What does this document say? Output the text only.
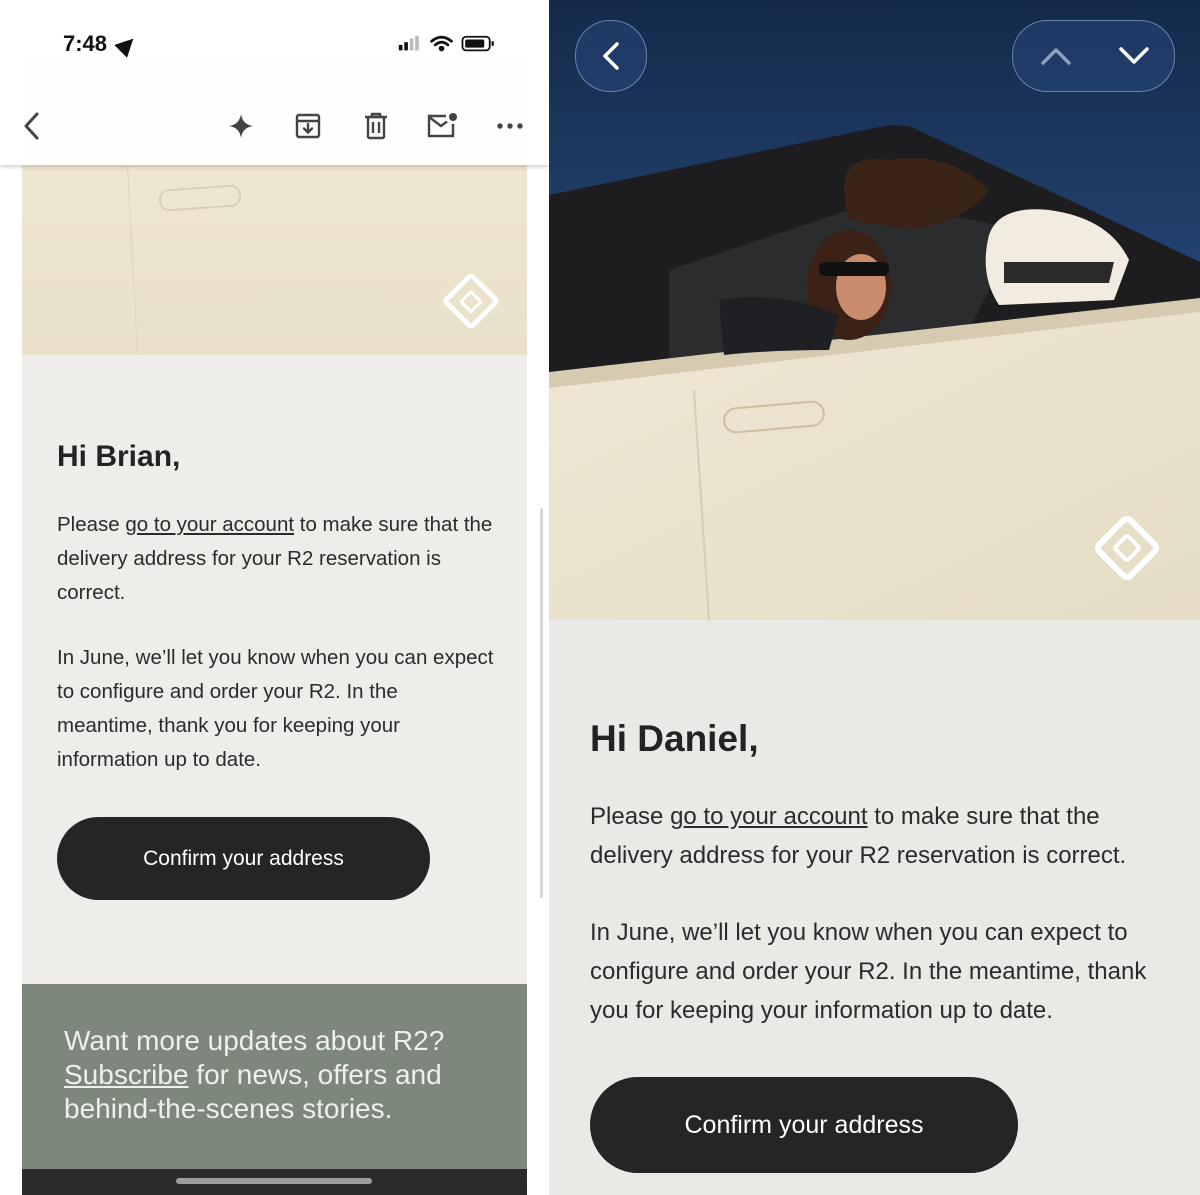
Hi Brian,

Please go to your account to make sure that the delivery address for your R2 reservation is correct.

In June, we’ll let you know when you can expect to configure and order your R2. In the meantime, thank you for keeping your information up to date.

Confirm your address

Want more updates about R2?
Subscribe for news, offers and behind-the-scenes stories.

7:48
Hi Daniel,

Please go to your account to make sure that the delivery address for your R2 reservation is correct.

In June, we’ll let you know when you can expect to configure and order your R2. In the meantime, thank you for keeping your information up to date.

Confirm your address
